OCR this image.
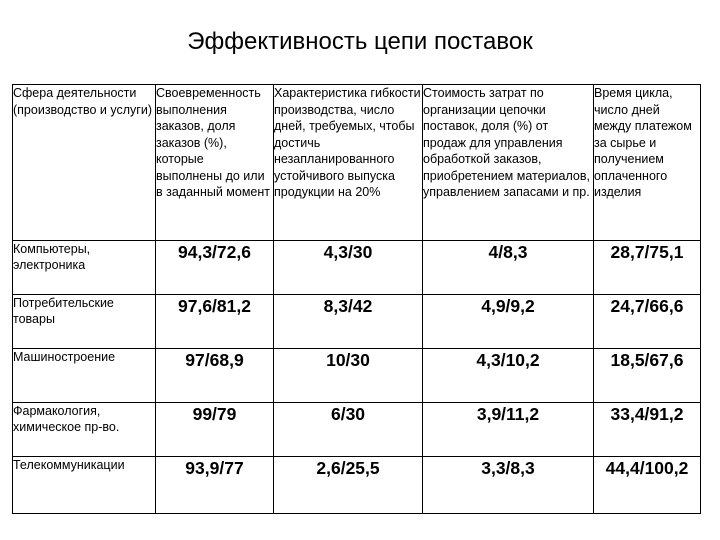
Эффективность цепи поставок
Сфера деятельности (производство и услуги)	Своевременность выполнения заказов, доля заказов (%), которые выполнены до или в заданный момент	Характеристика гибкости производства, число дней, требуемых, чтобы достичь незапланированного устойчивого выпуска продукции на 20%	Стоимость затрат по организации цепочки поставок, доля (%) от продаж для управления обработкой заказов, приобретением материалов, управлением запасами и пр.	Время цикла, число дней между платежом за сырье и получением оплаченного изделия
Компьютеры, электроника	94,3/72,6	4,3/30	4/8,3	28,7/75,1
Потребительские товары	97,6/81,2	8,3/42	4,9/9,2	24,7/66,6
Машиностроение	97/68,9	10/30	4,3/10,2	18,5/67,6
Фармакология, химическое пр-во.	99/79	6/30	3,9/11,2	33,4/91,2
Телекоммуникации	93,9/77	2,6/25,5	3,3/8,3	44,4/100,2
